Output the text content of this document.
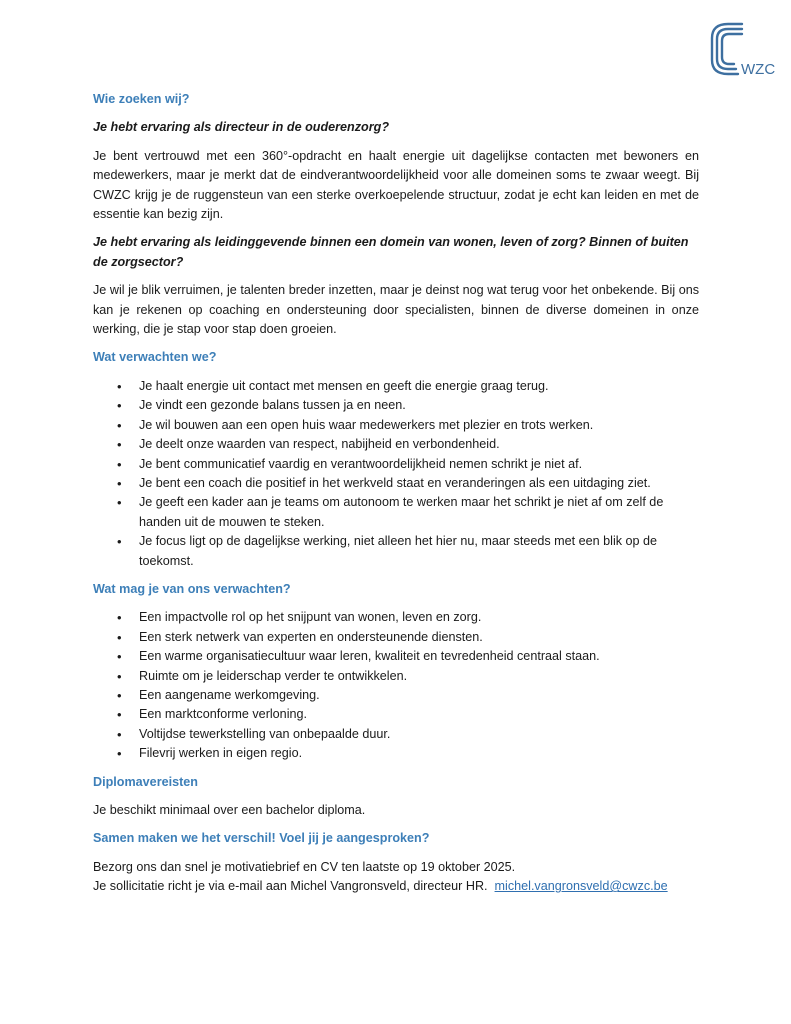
WZC
Wie zoeken wij?
Je hebt ervaring als directeur in de ouderenzorg?
Je bent vertrouwd met een 360°-opdracht en haalt energie uit dagelijkse contacten met bewoners en medewerkers, maar je merkt dat de eindverantwoordelijkheid voor alle domeinen soms te zwaar weegt. Bij CWZC krijg je de ruggensteun van een sterke overkoepelende structuur, zodat je echt kan leiden en met de essentie kan bezig zijn.
Je hebt ervaring als leidinggevende binnen een domein van wonen, leven of zorg? Binnen of buiten de zorgsector?
Je wil je blik verruimen, je talenten breder inzetten, maar je deinst nog wat terug voor het onbekende. Bij ons kan je rekenen op coaching en ondersteuning door specialisten, binnen de diverse domeinen in onze werking, die je stap voor stap doen groeien.
Wat verwachten we?
• Je haalt energie uit contact met mensen en geeft die energie graag terug.
• Je vindt een gezonde balans tussen ja en neen.
• Je wil bouwen aan een open huis waar medewerkers met plezier en trots werken.
• Je deelt onze waarden van respect, nabijheid en verbondenheid.
• Je bent communicatief vaardig en verantwoordelijkheid nemen schrikt je niet af.
• Je bent een coach die positief in het werkveld staat en veranderingen als een uitdaging ziet.
• Je geeft een kader aan je teams om autonoom te werken maar het schrikt je niet af om zelf de handen uit de mouwen te steken.
• Je focus ligt op de dagelijkse werking, niet alleen het hier nu, maar steeds met een blik op de toekomst.
Wat mag je van ons verwachten?
• Een impactvolle rol op het snijpunt van wonen, leven en zorg.
• Een sterk netwerk van experten en ondersteunende diensten.
• Een warme organisatiecultuur waar leren, kwaliteit en tevredenheid centraal staan.
• Ruimte om je leiderschap verder te ontwikkelen.
• Een aangename werkomgeving.
• Een marktconforme verloning.
• Voltijdse tewerkstelling van onbepaalde duur.
• Filevrij werken in eigen regio.
Diplomavereisten
Je beschikt minimaal over een bachelor diploma.
Samen maken we het verschil! Voel jij je aangesproken?
Bezorg ons dan snel je motivatiebrief en CV ten laatste op 19 oktober 2025.
Je sollicitatie richt je via e-mail aan Michel Vangronsveld, directeur HR. michel.vangronsveld@cwzc.be
